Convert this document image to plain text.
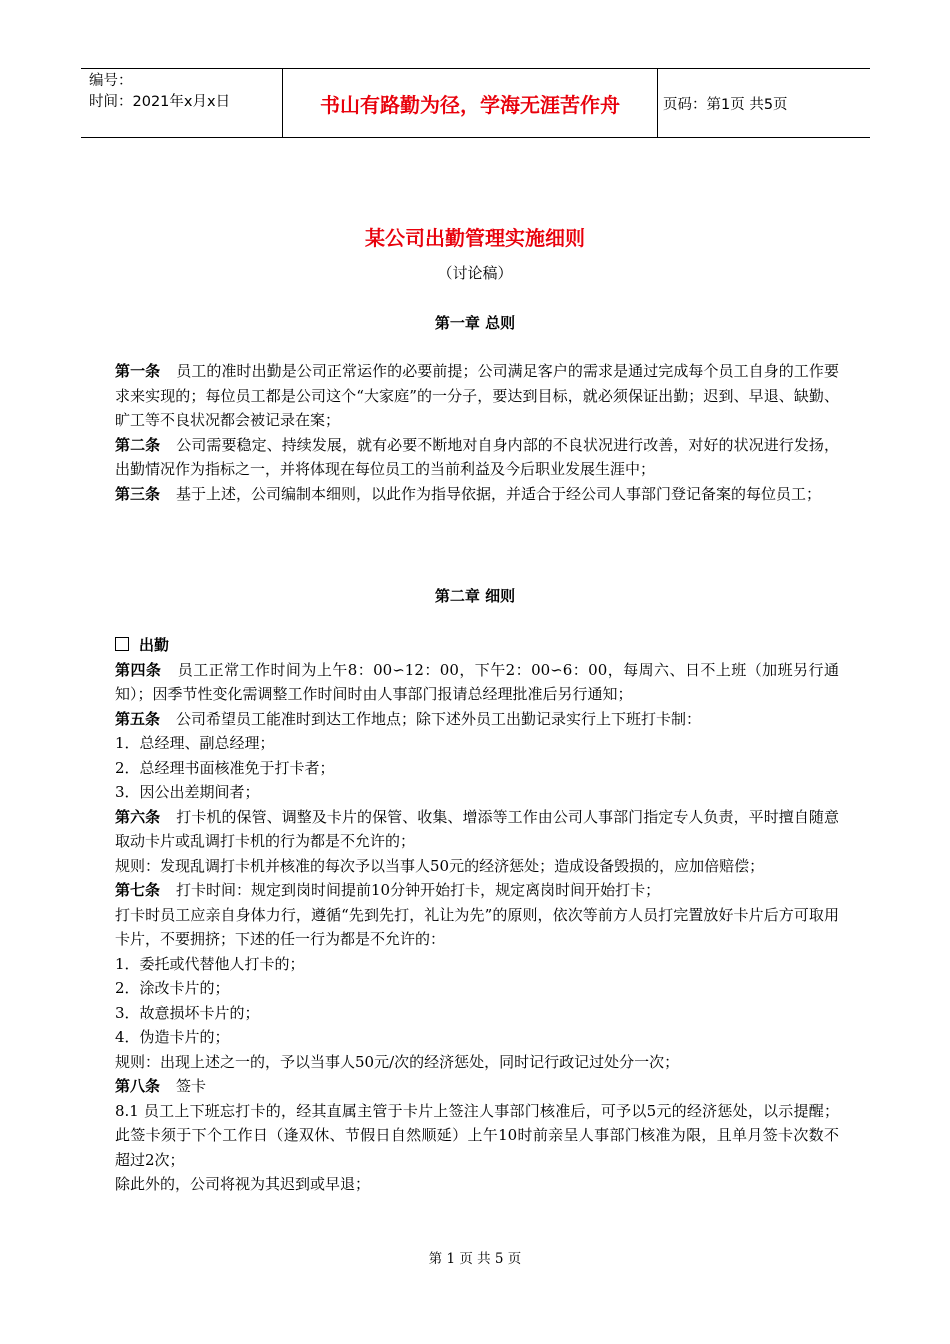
编号：
时间：2021年x月x日	书山有路勤为径，学海无涯苦作舟	页码：第1页 共5页
某公司出勤管理实施细则
（讨论稿）
第一章 总则

第一条 员工的准时出勤是公司正常运作的必要前提；公司满足客户的需求是通过完成每个员工自身的工作要求来实现的；每位员工都是公司这个“大家庭”的一分子，要达到目标，就必须保证出勤；迟到、早退、缺勤、旷工等不良状况都会被记录在案；

第二条 公司需要稳定、持续发展，就有必要不断地对自身内部的不良状况进行改善，对好的状况进行发扬，出勤情况作为指标之一，并将体现在每位员工的当前利益及今后职业发展生涯中；

第三条 基于上述，公司编制本细则，以此作为指导依据，并适合于经公司人事部门登记备案的每位员工；

第二章 细则

出勤

第四条 员工正常工作时间为上午8：00∽12：00，下午2：00∽6：00，每周六、日不上班（加班另行通知）；因季节性变化需调整工作时间时由人事部门报请总经理批准后另行通知；

第五条 公司希望员工能准时到达工作地点；除下述外员工出勤记录实行上下班打卡制：

1．总经理、副总经理；

2．总经理书面核准免于打卡者；

3．因公出差期间者；

第六条 打卡机的保管、调整及卡片的保管、收集、增添等工作由公司人事部门指定专人负责，平时擅自随意取动卡片或乱调打卡机的行为都是不允许的；

规则：发现乱调打卡机并核准的每次予以当事人50元的经济惩处；造成设备毁损的，应加倍赔偿；

第七条 打卡时间：规定到岗时间提前10分钟开始打卡，规定离岗时间开始打卡；

打卡时员工应亲自身体力行，遵循“先到先打，礼让为先”的原则，依次等前方人员打完置放好卡片后方可取用卡片，不要拥挤；下述的任一行为都是不允许的：

1．委托或代替他人打卡的；

2．涂改卡片的；

3．故意损坏卡片的；

4．伪造卡片的；

规则：出现上述之一的，予以当事人50元/次的经济惩处，同时记行政记过处分一次；

第八条 签卡

8.1 员工上下班忘打卡的，经其直属主管于卡片上签注人事部门核准后，可予以5元的经济惩处，以示提醒；此签卡须于下个工作日（逢双休、节假日自然顺延）上午10时前亲呈人事部门核准为限，且单月签卡次数不超过2次；

除此外的，公司将视为其迟到或早退；

第 1 页 共 5 页
